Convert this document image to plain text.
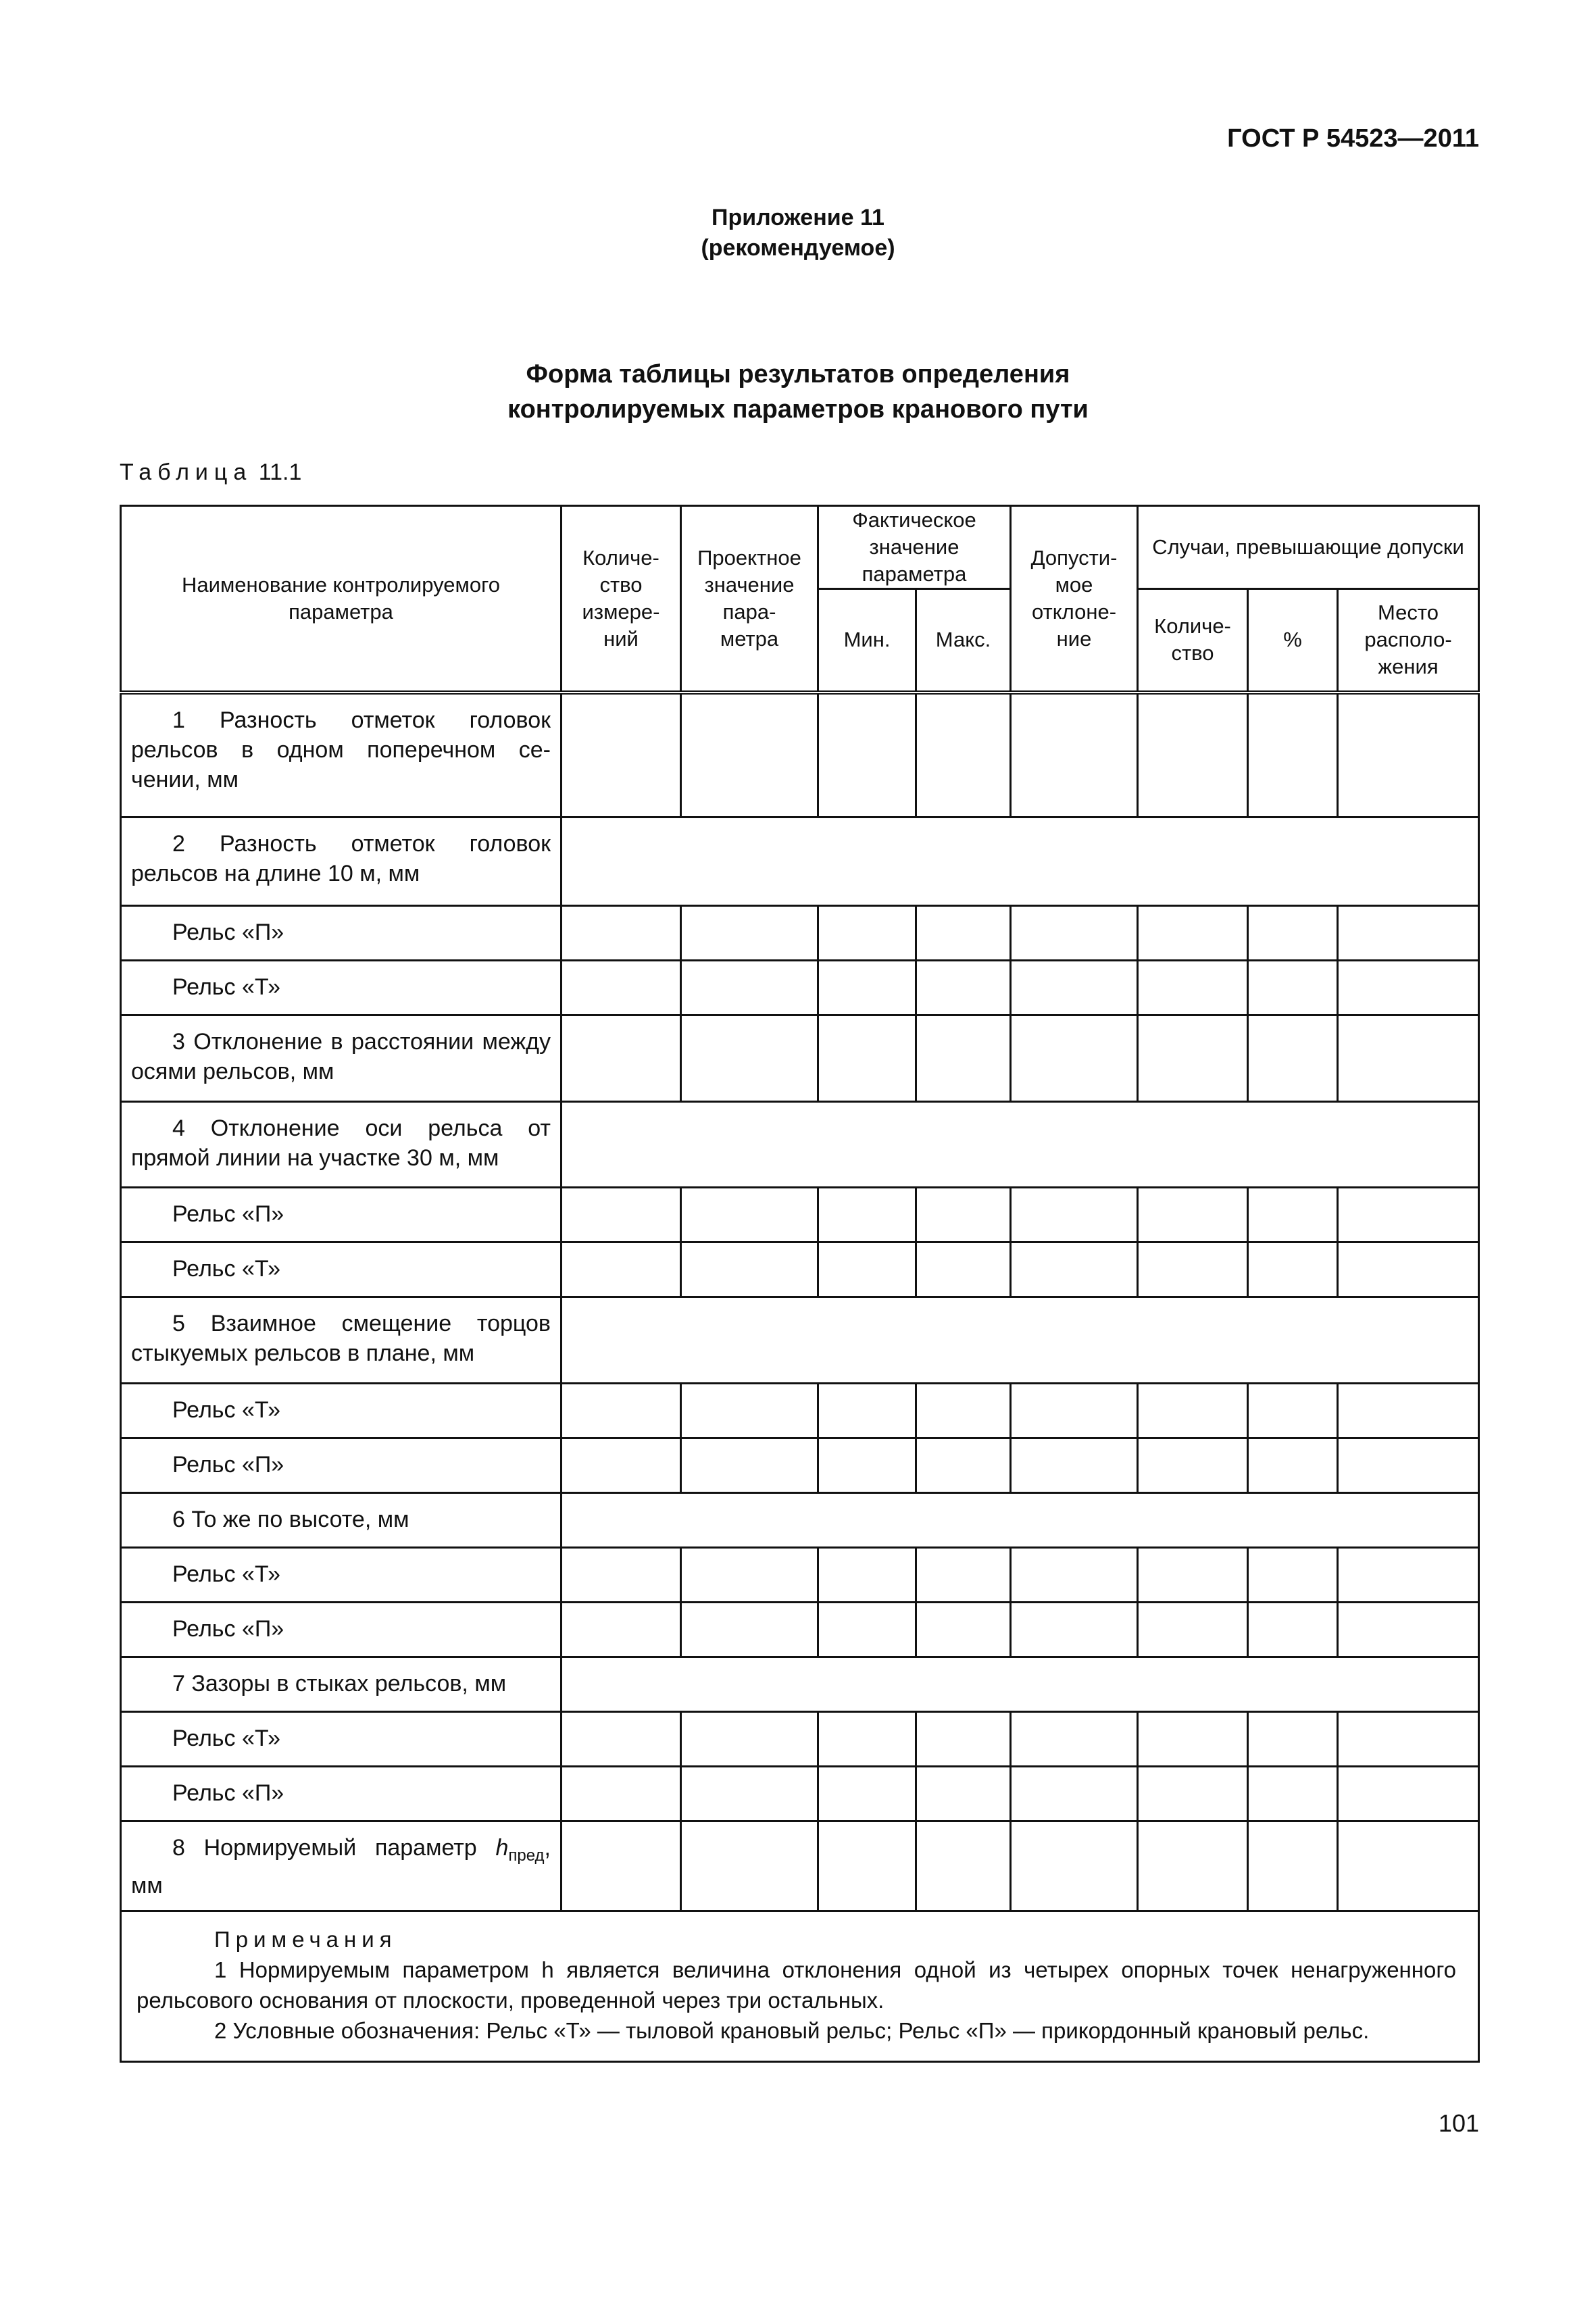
ГОСТ Р 54523—2011
Приложение 11
(рекомендуемое)
Форма таблицы результатов определения
контролируемых параметров кранового пути
Таблица 11.1
Наименование контролируемого параметра	Количе- ство измере- ний	Проектное значение пара- метра	Фактическое значение параметра		Допусти- мое отклоне- ние	Случаи, превышающие допуски		
			Мин.	Макс.		Количе- ство	%	Место располо- жения
1 Разность отметок головок рельсов в одном поперечном се- чении, мм								
2 Разность отметок головок рельсов на длине 10 м, мм								
Рельс «П»								
Рельс «Т»								
3 Отклонение в расстоянии между осями рельсов, мм								
4 Отклонение оси рельса от прямой линии на участке 30 м, мм								
Рельс «П»								
Рельс «Т»								
5 Взаимное смещение торцов стыкуемых рельсов в плане, мм								
Рельс «Т»								
Рельс «П»								
6 То же по высоте, мм								
Рельс «Т»								
Рельс «П»								
7 Зазоры в стыках рельсов, мм								
Рельс «Т»								
Рельс «П»								
8 Нормируемый параметр $h_{пред}$, мм								

Примечания
1 Нормируемым параметром h является величина отклонения одной из четырех опорных точек ненагруженного рельсового основания от плоскости, проведенной через три остальных.
2 Условные обозначения: Рельс «Т» — тыловой крановый рельс; Рельс «П» — прикордонный крановый рельс.								
101
